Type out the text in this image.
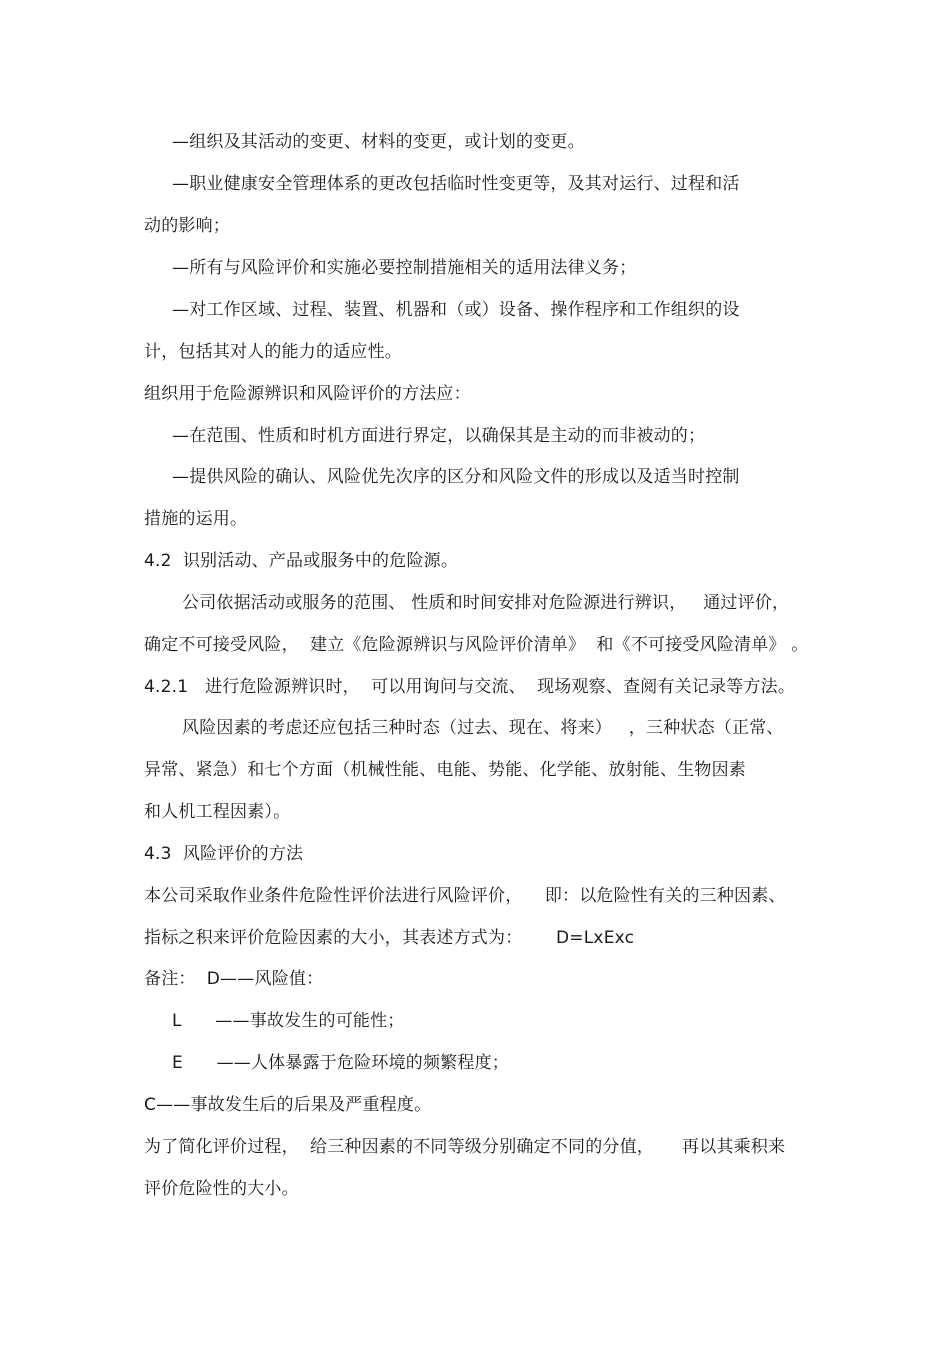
—组织及其活动的变更、材料的变更，或计划的变更。
—职业健康安全管理体系的更改包括临时性变更等，及其对运行、过程和活
动的影响；
—所有与风险评价和实施必要控制措施相关的适用法律义务；
—对工作区域、过程、装置、机器和（或）设备、操作程序和工作组织的设
计，包括其对人的能力的适应性。
组织用于危险源辨识和风险评价的方法应：
—在范围、性质和时机方面进行界定，以确保其是主动的而非被动的；
—提供风险的确认、风险优先次序的区分和风险文件的形成以及适当时控制
措施的运用。
4.2  识别活动、产品或服务中的危险源。
公司依据活动或服务的范围、 性质和时间安排对危险源进行辨识，   通过评价，
确定不可接受风险，  建立《危险源辨识与风险评价清单》  和《不可接受风险清单》 。
4.2.1   进行危险源辨识时，  可以用询问与交流、  现场观察、查阅有关记录等方法。
风险因素的考虑还应包括三种时态（过去、现在、将来）   ，三种状态（正常、
异常、紧急）和七个方面（机械性能、电能、势能、化学能、放射能、生物因素
和人机工程因素）。
4.3  风险评价的方法
本公司采取作业条件危险性评价法进行风险评价，    即：以危险性有关的三种因素、
指标之积来评价危险因素的大小，其表述方式为：      D=LxExc
备注：  D——风险值：
L      ——事故发生的可能性；
E      ——人体暴露于危险环境的频繁程度；
C——事故发生后的后果及严重程度。
为了简化评价过程，  给三种因素的不同等级分别确定不同的分值，     再以其乘积来
评价危险性的大小。
